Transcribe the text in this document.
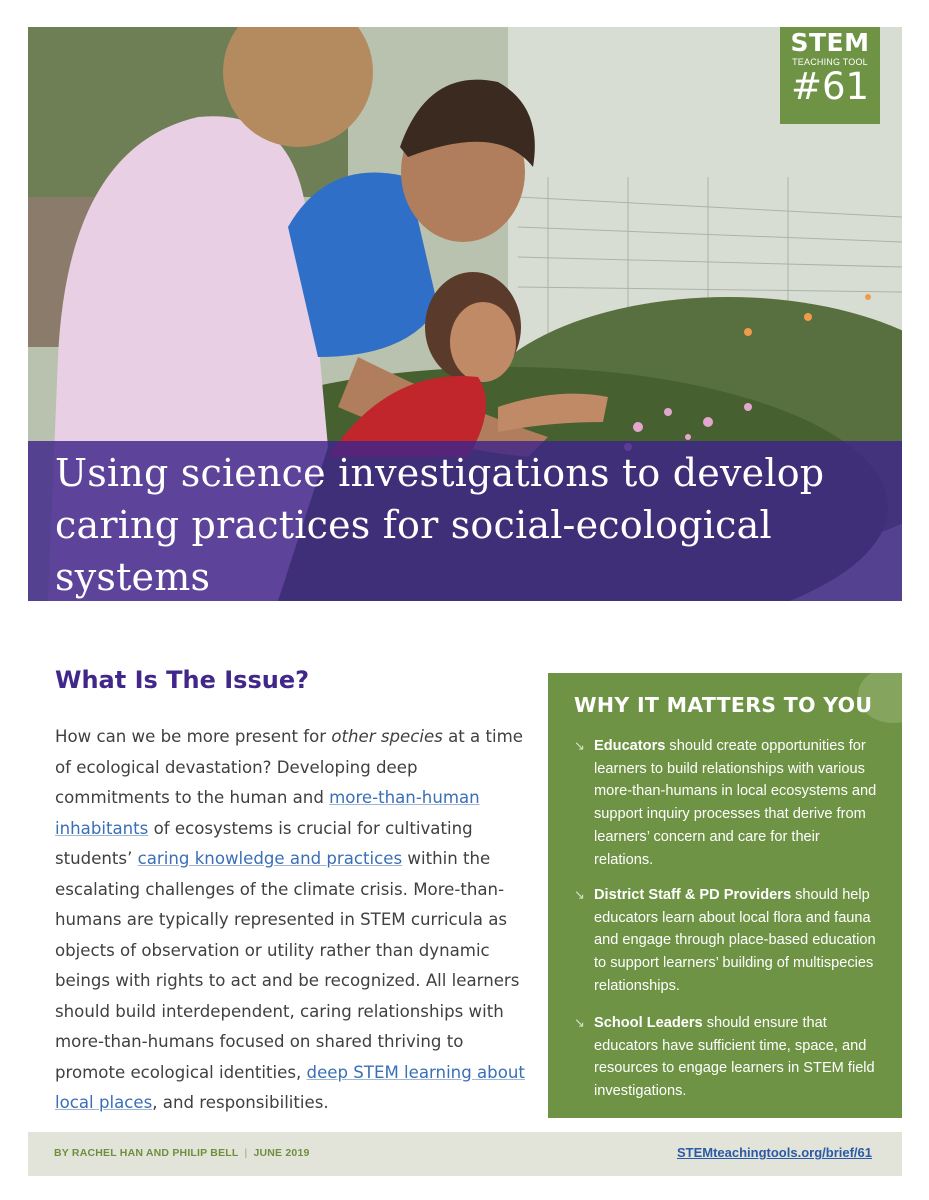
STEM
TEACHING TOOL
#61
Using science investigations to develop caring practices for social-ecological systems
What Is The Issue?

How can we be more present for other species at a time of ecological devastation? Developing deep commitments to the human and more-than-human inhabitants of ecosystems is crucial for cultivating students’ caring knowledge and practices within the escalating challenges of the climate crisis. More-than-humans are typically represented in STEM curricula as objects of observation or utility rather than dynamic beings with rights to act and be recognized. All learners should build interdependent, caring relationships with more-than-humans focused on shared thriving to promote ecological identities, deep STEM learning about local places, and responsibilities.

WHY IT MATTERS TO YOU
↘ Educators should create opportunities for learners to build relationships with various more-than-humans in local ecosystems and support inquiry processes that derive from learners’ concern and care for their relations.

↘ District Staff & PD Providers should help educators learn about local flora and fauna and engage through place-based education to support learners’ building of multispecies relationships.

↘ School Leaders should ensure that educators have sufficient time, space, and resources to engage learners in STEM field investigations.

BY RACHEL HAN AND PHILIP BELL | JUNE 2019	STEMteachingtools.org/brief/61
